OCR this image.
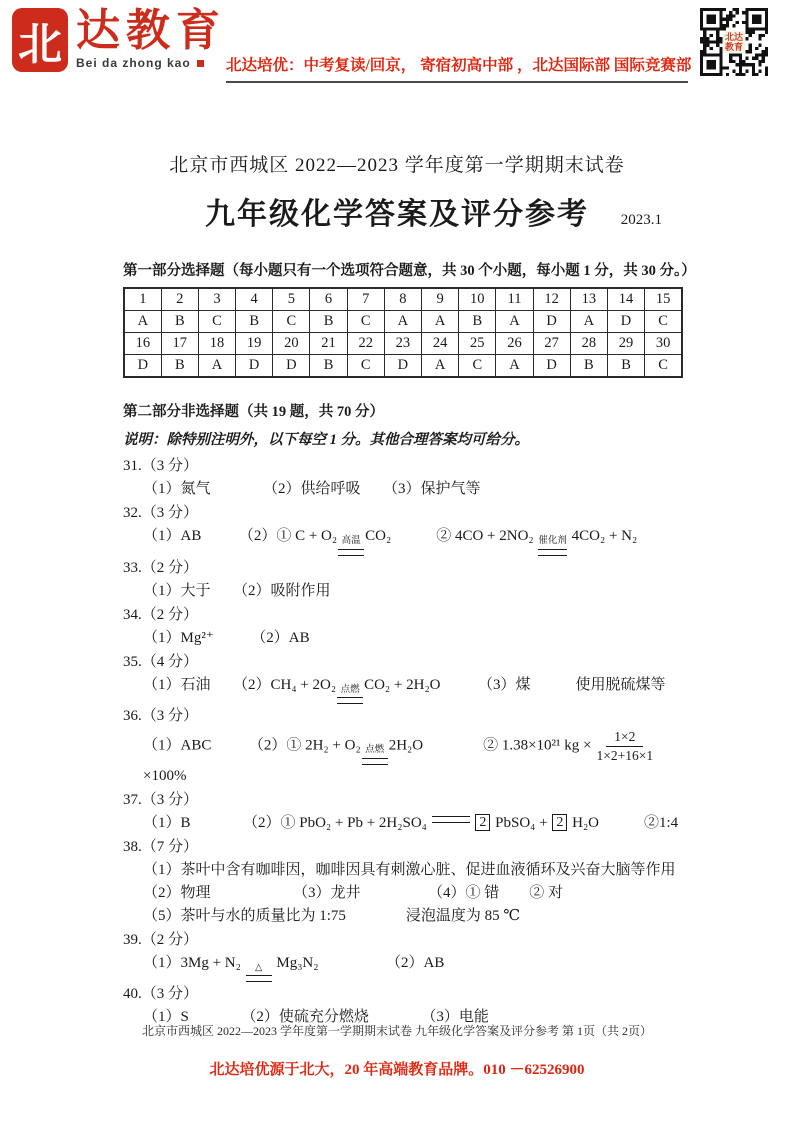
北 达教育
Bei da zhong kao	北达培优：中考复读/回京， 寄宿初高中部 ，北达国际部 国际竞赛部
北达教育
北京市西城区 2022—2023 学年度第一学期期末试卷
九年级化学答案及评分参考 2023.1
第一部分选择题（每小题只有一个选项符合题意，共 30 个小题，每小题 1 分，共 30 分。）
1	2	3	4	5	6	7	8	9	10	11	12	13	14	15
A	B	C	B	C	B	C	A	A	B	A	D	A	D	C
16	17	18	19	20	21	22	23	24	25	26	27	28	29	30
D	B	A	D	D	B	C	D	A	C	A	D	B	B	C
第二部分非选择题（共 19 题，共 70 分）
说明：除特别注明外，以下每空 1 分。其他合理答案均可给分。
31.（3 分）
（1）氮气　　　　（2）供给呼吸　　（3）保护气等
32.（3 分）
（1）AB　　　（2）① C + O₂ 高温 CO₂　　　② 4CO + 2NO₂ 催化剂 4CO₂ + N₂
33.（2 分）
（1）大于　　（2）吸附作用
34.（2 分）
（1）Mg²⁺　　　（2）AB
35.（4 分）
（1）石油　　（2）CH₄ + 2O₂ 点燃 CO₂ + 2H₂O　　　（3）煤　　　使用脱硫煤等
36.（3 分）
（1）ABC　　　（2）① 2H₂ + O₂ 点燃 2H₂O　　　　② 1.38×10²¹ kg × $\frac{1\times 2}{1\times 2+16\times 1} \times 100\%$
37.（3 分）
（1）B　　　　（2）① PbO₂ + Pb + 2H₂SO₄	2 PbSO₄ + 2 H₂O　　　②1:4
38.（7 分）
（1）茶叶中含有咖啡因，咖啡因具有刺激心脏、促进血液循环及兴奋大脑等作用
（2）物理　　　　　　（3）龙井　　　　　（4）① 错　　② 对
（5）茶叶与水的质量比为 1:75　　　　浸泡温度为 85 ℃
39.（2 分）
（1）3Mg + N₂ △ Mg₃N₂　　　　　（2）AB
40.（3 分）
（1）S　　　　（2）使硫充分燃烧　　　　（3）电能
北京市西城区 2022—2023 学年度第一学期期末试卷 九年级化学答案及评分参考 第 1页（共 2页）
北达培优源于北大，20 年高端教育品牌。010 －62526900
